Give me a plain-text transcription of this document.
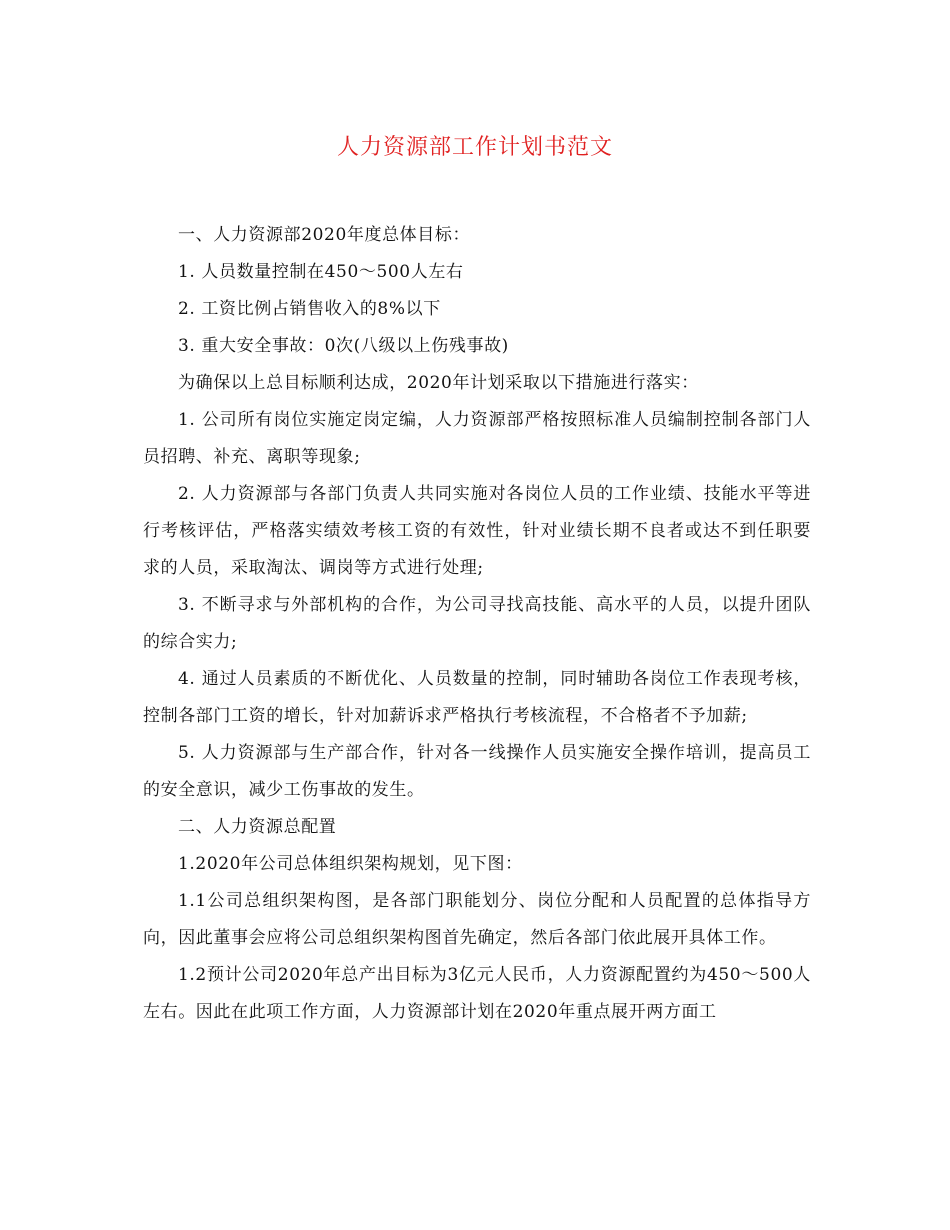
人力资源部工作计划书范文

一、人力资源部2020年度总体目标：

1. 人员数量控制在450～500人左右

2. 工资比例占销售收入的8%以下

3. 重大安全事故：0次(八级以上伤残事故)

为确保以上总目标顺利达成，2020年计划采取以下措施进行落实：

1. 公司所有岗位实施定岗定编，人力资源部严格按照标准人员编制控制各部门人员招聘、补充、离职等现象;

2. 人力资源部与各部门负责人共同实施对各岗位人员的工作业绩、技能水平等进行考核评估，严格落实绩效考核工资的有效性，针对业绩长期不良者或达不到任职要求的人员，采取淘汰、调岗等方式进行处理;

3. 不断寻求与外部机构的合作，为公司寻找高技能、高水平的人员，以提升团队的综合实力;

4. 通过人员素质的不断优化、人员数量的控制，同时辅助各岗位工作表现考核，控制各部门工资的增长，针对加薪诉求严格执行考核流程，不合格者不予加薪;

5. 人力资源部与生产部合作，针对各一线操作人员实施安全操作培训，提高员工的安全意识，减少工伤事故的发生。

二、人力资源总配置

1.2020年公司总体组织架构规划，见下图：

1.1公司总组织架构图，是各部门职能划分、岗位分配和人员配置的总体指导方向，因此董事会应将公司总组织架构图首先确定，然后各部门依此展开具体工作。

1.2预计公司2020年总产出目标为3亿元人民币，人力资源配置约为450～500人左右。因此在此项工作方面，人力资源部计划在2020年重点展开两方面工
